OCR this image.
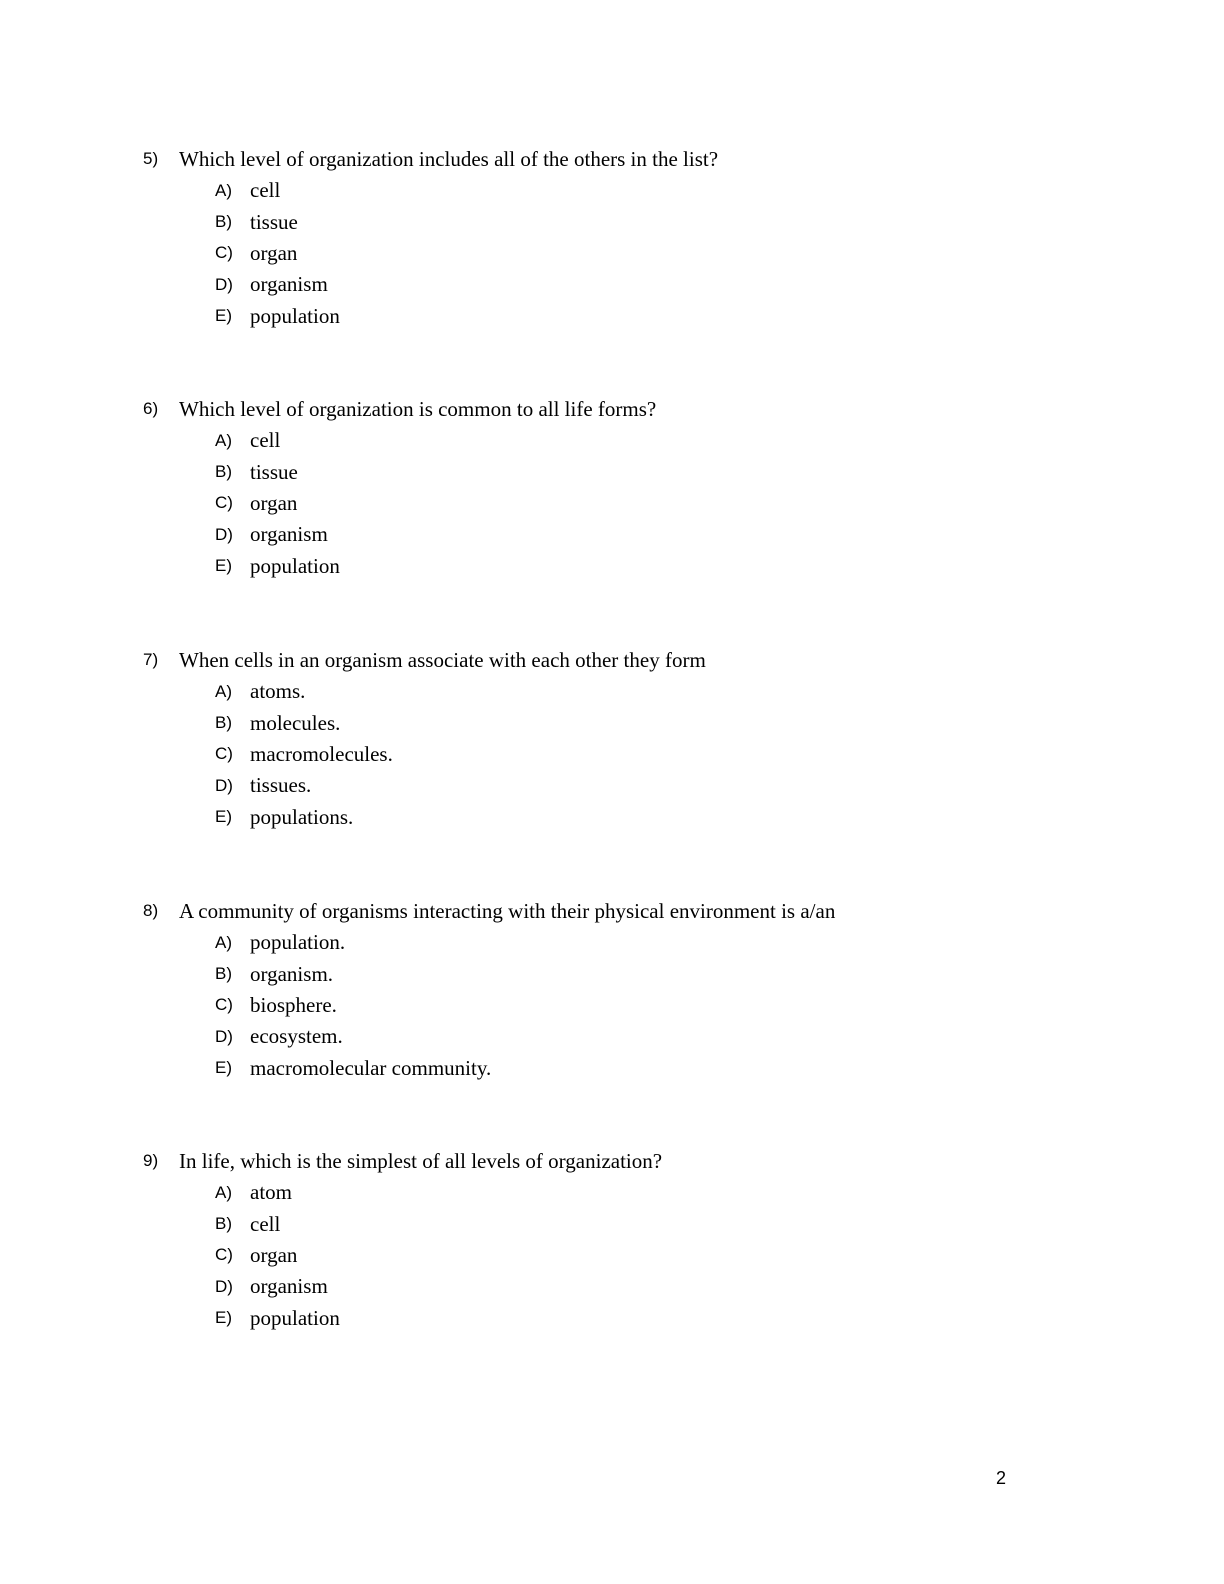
5) Which level of organization includes all of the others in the list?
A) cell
B) tissue
C) organ
D) organism
E) population
6) Which level of organization is common to all life forms?
A) cell
B) tissue
C) organ
D) organism
E) population
7) When cells in an organism associate with each other they form
A) atoms.
B) molecules.
C) macromolecules.
D) tissues.
E) populations.
8) A community of organisms interacting with their physical environment is a/an
A) population.
B) organism.
C) biosphere.
D) ecosystem.
E) macromolecular community.
9) In life, which is the simplest of all levels of organization?
A) atom
B) cell
C) organ
D) organism
E) population
2
